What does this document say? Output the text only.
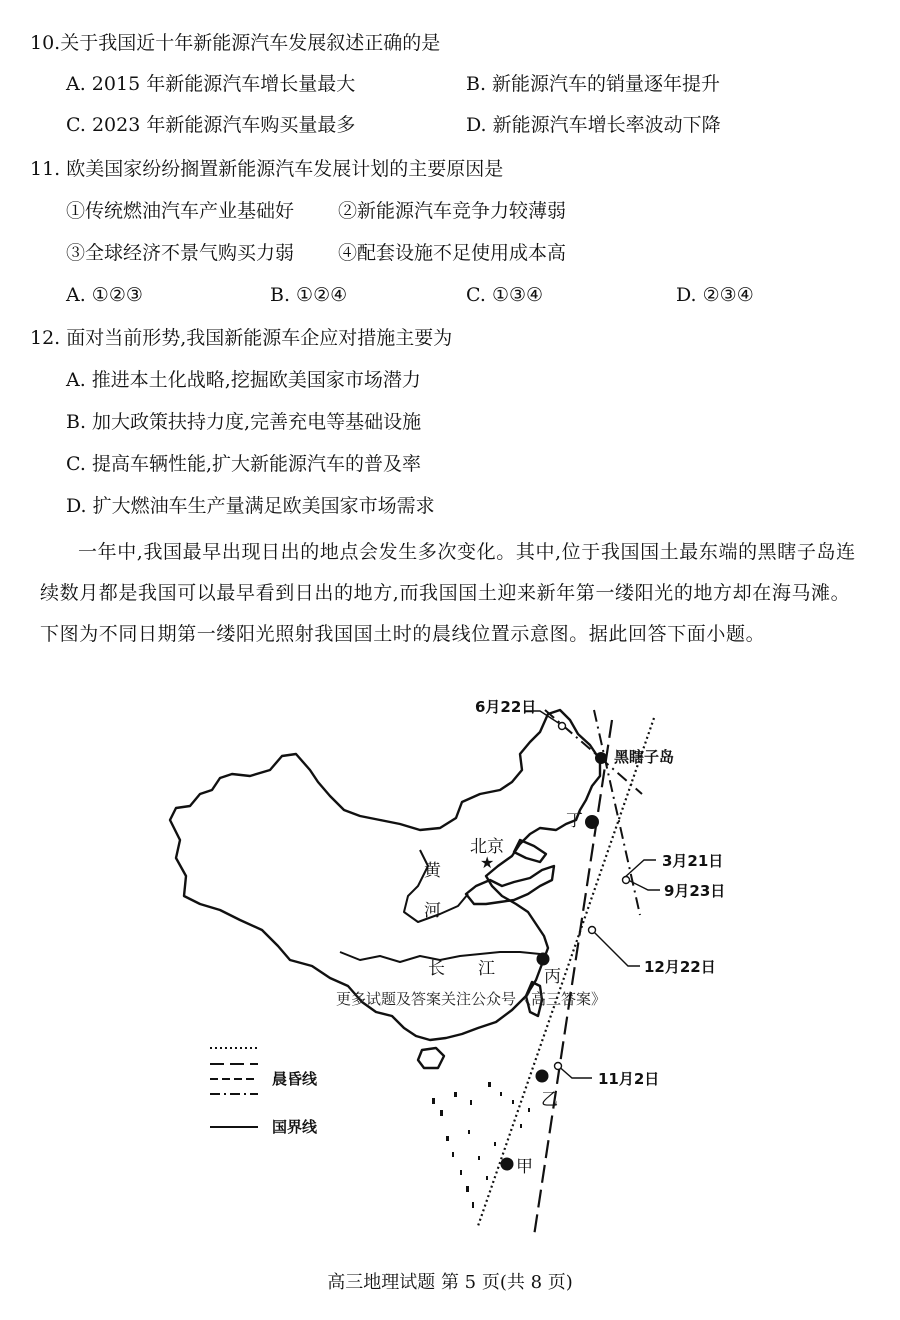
10.关于我国近十年新能源汽车发展叙述正确的是
A. 2015 年新能源汽车增长量最大	B. 新能源汽车的销量逐年提升
C. 2023 年新能源汽车购买量最多	D. 新能源汽车增长率波动下降
11. 欧美国家纷纷搁置新能源汽车发展计划的主要原因是
①传统燃油汽车产业基础好 ②新能源汽车竞争力较薄弱
③全球经济不景气购买力弱 ④配套设施不足使用成本高
A. ①②③	B. ①②④	C. ①③④	D. ②③④
12. 面对当前形势,我国新能源车企应对措施主要为
A. 推进本土化战略,挖掘欧美国家市场潜力
B. 加大政策扶持力度,完善充电等基础设施
C. 提高车辆性能,扩大新能源汽车的普及率
D. 扩大燃油车生产量满足欧美国家市场需求
一年中,我国最早出现日出的地点会发生多次变化。其中,位于我国国土最东端的黑瞎子岛连续数月都是我国可以最早看到日出的地方,而我国国土迎来新年第一缕阳光的地方却在海马滩。下图为不同日期第一缕阳光照射我国国土时的晨线位置示意图。据此回答下面小题。
★
6月22日
黑瞎子岛
丁
北京
黄
河
长 江	丙
乙
甲
3月21日
9月23日
12月22日
11月2日
更多试题及答案关注公众号《高三答案》
晨昏线
国界线
高三地理试题 第 5 页(共 8 页)
